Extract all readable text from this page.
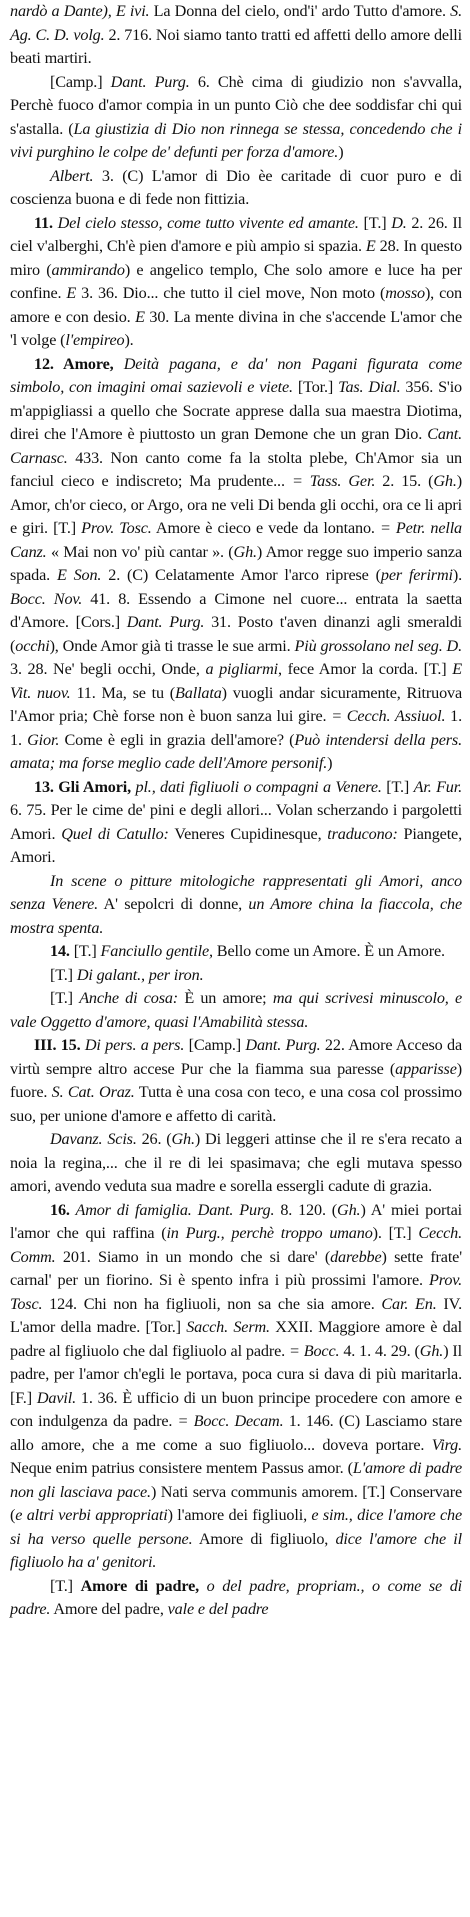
nardò a Dante), E ivi. La Donna del cielo, ond'i' ardo Tutto d'amore. S. Ag. C. D. volg. 2. 716. Noi siamo tanto tratti ed affetti dello amore delli beati martiri.

[Camp.] Dant. Purg. 6. Chè cima di giudizio non s'avvalla, Perchè fuoco d'amor compia in un punto Ciò che dee soddisfar chi qui s'astalla. (La giustizia di Dio non rinnega se stessa, concedendo che i vivi purghino le colpe de' defunti per forza d'amore.)

Albert. 3. (C) L'amor di Dio èe caritade di cuor puro e di coscienza buona e di fede non fittizia.

11. Del cielo stesso, come tutto vivente ed amante. [T.] D. 2. 26. Il ciel v'alberghi, Ch'è pien d'amore e più ampio si spazia. E 28. In questo miro (ammirando) e angelico templo, Che solo amore e luce ha per confine. E 3. 36. Dio... che tutto il ciel move, Non moto (mosso), con amore e con desio. E 30. La mente divina in che s'accende L'amor che 'l volge (l'empireo).

12. Amore, Deità pagana, e da' non Pagani figurata come simbolo, con imagini omai sazievoli e viete. [Tor.] Tas. Dial. 356. S'io m'appigliassi a quello che Socrate apprese dalla sua maestra Diotima, direi che l'Amore è piuttosto un gran Demone che un gran Dio. Cant. Carnasc. 433. Non canto come fa la stolta plebe, Ch'Amor sia un fanciul cieco e indiscreto; Ma prudente... = Tass. Ger. 2. 15. (Gh.) Amor, ch'or cieco, or Argo, ora ne veli Di benda gli occhi, ora ce li apri e giri. [T.] Prov. Tosc. Amore è cieco e vede da lontano. = Petr. nella Canz. « Mai non vo' più cantar ». (Gh.) Amor regge suo imperio sanza spada. E Son. 2. (C) Celatamente Amor l'arco riprese (per ferirmi). Bocc. Nov. 41. 8. Essendo a Cimone nel cuore... entrata la saetta d'Amore. [Cors.] Dant. Purg. 31. Posto t'aven dinanzi agli smeraldi (occhi), Onde Amor già ti trasse le sue armi. Più grossolano nel seg. D. 3. 28. Ne' begli occhi, Onde, a pigliarmi, fece Amor la corda. [T.] E Vit. nuov. 11. Ma, se tu (Ballata) vuogli andar sicuramente, Ritruova l'Amor pria; Chè forse non è buon sanza lui gire. = Cecch. Assiuol. 1. 1. Gior. Come è egli in grazia dell'amore? (Può intendersi della pers. amata; ma forse meglio cade dell'Amore personif.)

13. Gli Amori, pl., dati figliuoli o compagni a Venere. [T.] Ar. Fur. 6. 75. Per le cime de' pini e degli allori... Volan scherzando i pargoletti Amori. Quel di Catullo: Veneres Cupidinesque, traducono: Piangete, Amori.

In scene o pitture mitologiche rappresentati gli Amori, anco senza Venere. A' sepolcri di donne, un Amore china la fiaccola, che mostra spenta.

14. [T.] Fanciullo gentile, Bello come un Amore. È un Amore.

[T.] Di galant., per iron.

[T.] Anche di cosa: È un amore; ma qui scrivesi minuscolo, e vale Oggetto d'amore, quasi l'Amabilità stessa.

III. 15. Di pers. a pers. [Camp.] Dant. Purg. 22. Amore Acceso da virtù sempre altro accese Pur che la fiamma sua paresse (apparisse) fuore. S. Cat. Oraz. Tutta è una cosa con teco, e una cosa col prossimo suo, per unione d'amore e affetto di carità.

Davanz. Scis. 26. (Gh.) Di leggeri attinse che il re s'era recato a noia la regina,... che il re di lei spasimava; che egli mutava spesso amori, avendo veduta sua madre e sorella essergli cadute di grazia.

16. Amor di famiglia. Dant. Purg. 8. 120. (Gh.) A' miei portai l'amor che qui raffina (in Purg., perchè troppo umano). [T.] Cecch. Comm. 201. Siamo in un mondo che si dare' (darebbe) sette frate' carnal' per un fiorino. Si è spento infra i più prossimi l'amore. Prov. Tosc. 124. Chi non ha figliuoli, non sa che sia amore. Car. En. IV. L'amor della madre. [Tor.] Sacch. Serm. XXII. Maggiore amore è dal padre al figliuolo che dal figliuolo al padre. = Bocc. 4. 1. 4. 29. (Gh.) Il padre, per l'amor ch'egli le portava, poca cura si dava di più maritarla. [F.] Davil. 1. 36. È ufficio di un buon principe procedere con amore e con indulgenza da padre. = Bocc. Decam. 1. 146. (C) Lasciamo stare allo amore, che a me come a suo figliuolo... doveva portare. Virg. Neque enim patrius consistere mentem Passus amor. (L'amore di padre non gli lasciava pace.) Nati serva communis amorem. [T.] Conservare (e altri verbi appropriati) l'amore dei figliuoli, e sim., dice l'amore che si ha verso quelle persone. Amore di figliuolo, dice l'amore che il figliuolo ha a' genitori.

[T.] Amore di padre, o del padre, propriam., o come se di padre. Amore del padre, vale e del padre
